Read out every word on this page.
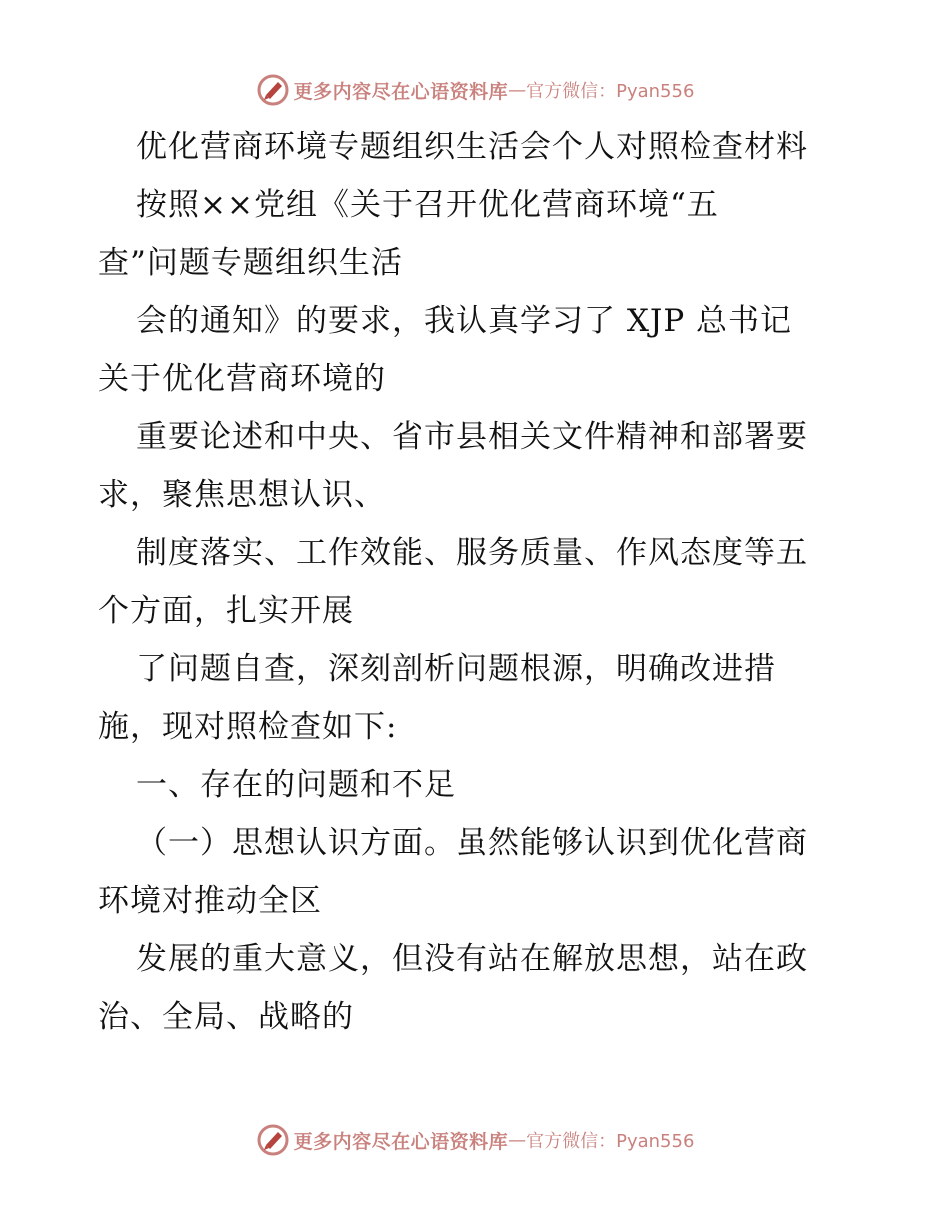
更多内容尽在心语资料库 — 官方微信：Pyan556
优化营商环境专题组织生活会个人对照检查材料
按照××党组《关于召开优化营商环境“五
查”问题专题组织生活
会的通知》的要求，我认真学习了 XJP 总书记
关于优化营商环境的
重要论述和中央、省市县相关文件精神和部署要
求，聚焦思想认识、
制度落实、工作效能、服务质量、作风态度等五
个方面，扎实开展
了问题自查，深刻剖析问题根源，明确改进措
施，现对照检查如下:
一、存在的问题和不足
（一）思想认识方面。虽然能够认识到优化营商
环境对推动全区
发展的重大意义，但没有站在解放思想，站在政
治、全局、战略的
更多内容尽在心语资料库 — 官方微信：Pyan556
